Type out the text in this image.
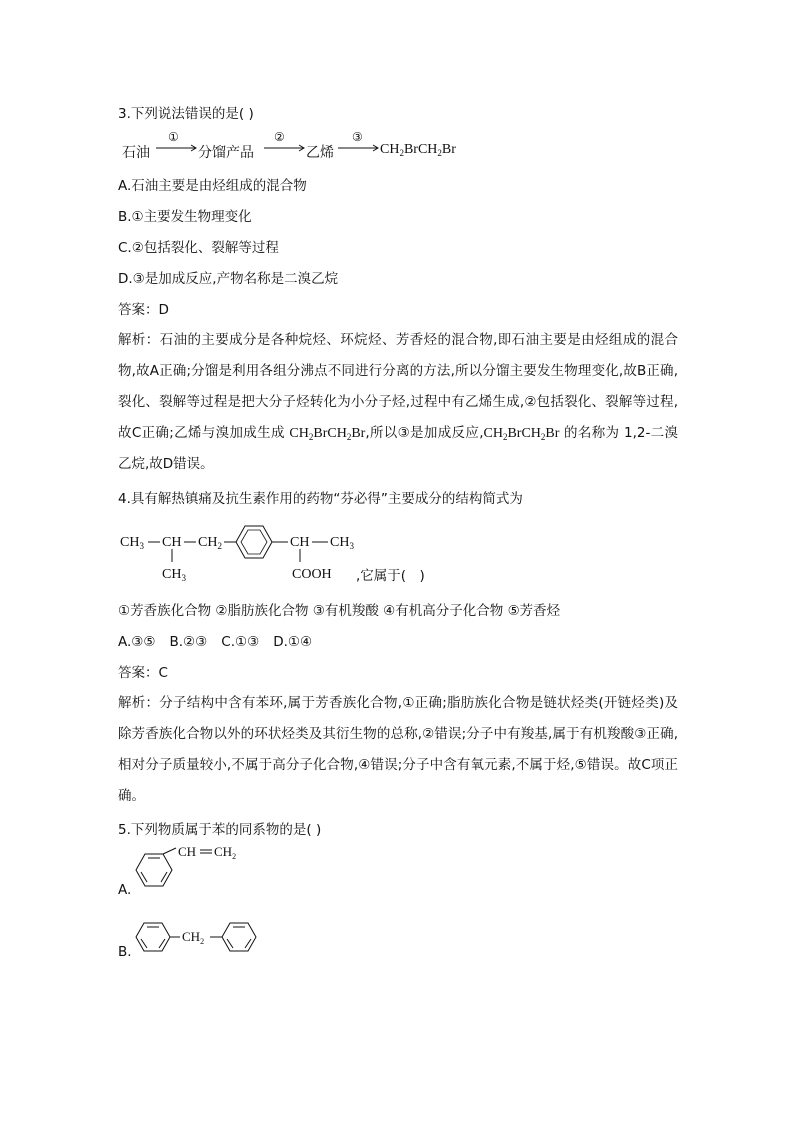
3.下列说法错误的是( )
石油
①
分馏产品
②
乙烯
③
$CH_2BrCH_2Br$
A.石油主要是由烃组成的混合物
B.①主要发生物理变化
C.②包括裂化、裂解等过程
D.③是加成反应,产物名称是二溴乙烷
答案：D
解析：石油的主要成分是各种烷烃、环烷烃、芳香烃的混合物,即石油主要是由烃组成的混合物,故A正确;分馏是利用各组分沸点不同进行分离的方法,所以分馏主要发生物理变化,故B正确,裂化、裂解等过程是把大分子烃转化为小分子烃,过程中有乙烯生成,②包括裂化、裂解等过程,故C正确;乙烯与溴加成生成 $CH_2BrCH_2Br$,所以③是加成反应$,CH_2BrCH_2Br$ 的名称为 1,2-二溴乙烷,故D错误。
4.具有解热镇痛及抗生素作用的药物“芬必得”主要成分的结构简式为
$CH_3$ CH $CH_2$
$CH_3$
CH $CH_3$
COOH ,它属于(　)
①芳香族化合物 ②脂肪族化合物 ③有机羧酸 ④有机高分子化合物 ⑤芳香烃
A.③⑤ B.②③ C.①③ D.①④
答案：C
解析：分子结构中含有苯环,属于芳香族化合物,①正确;脂肪族化合物是链状烃类(开链烃类)及除芳香族化合物以外的环状烃类及其衍生物的总称,②错误;分子中有羧基,属于有机羧酸③正确,相对分子质量较小,不属于高分子化合物,④错误;分子中含有氧元素,不属于烃,⑤错误。故C项正确。
5.下列物质属于苯的同系物的是( )
A.
CH $CH_2$
B.
$CH_2$
